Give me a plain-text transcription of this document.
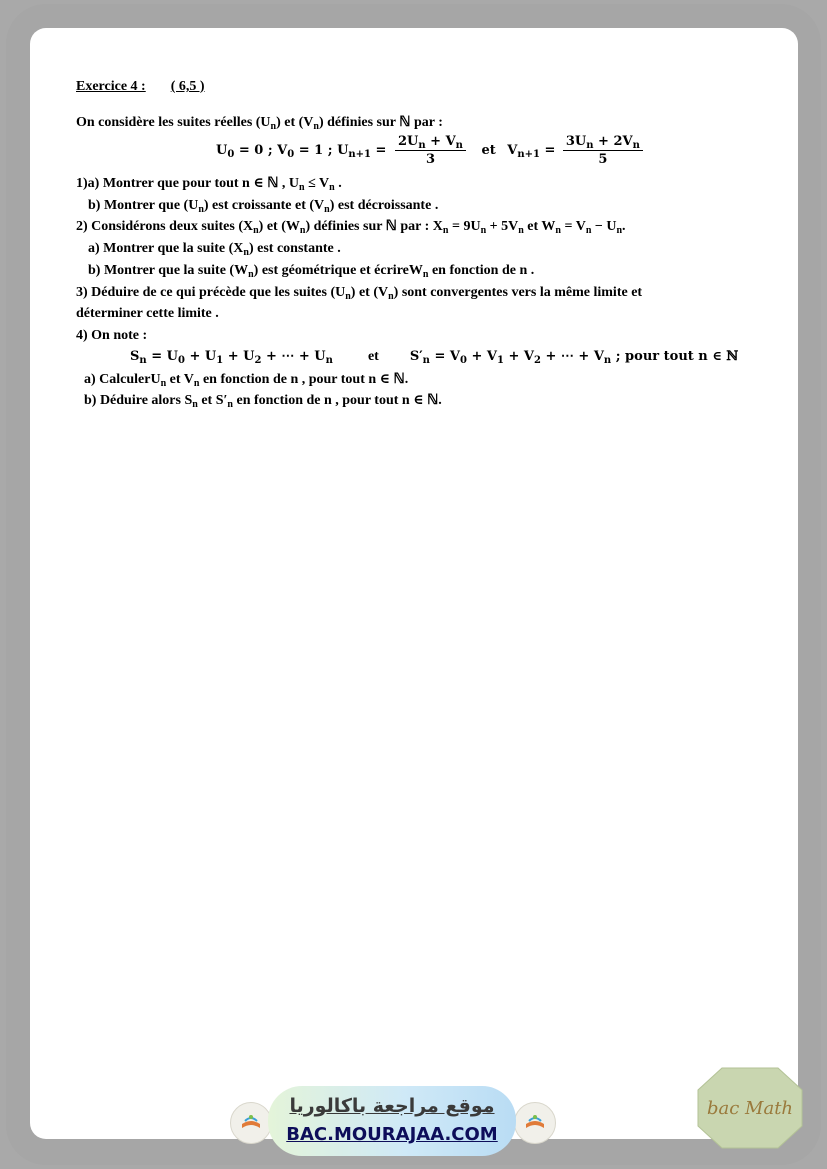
Exercice 4 : ( 6,5 )
On considère les suites réelles $(U_n)$ et $(V_n)$ définies sur ℕ par :
$U_0 = 0$ ; $V_0 = 1$ ; $U_{n+1} = \frac{2U_n + V_n}{3}$ et $V_{n+1} = \frac{3U_n + 2V_n}{5}$
1)a) Montrer que pour tout n ∈ ℕ , $U_n \le V_n$ .
b) Montrer que $(U_n)$ est croissante et $(V_n)$ est décroissante .
2) Considérons deux suites $(X_n)$ et $(W_n)$ définies sur ℕ par : $X_n = 9U_n + 5V_n$ et $W_n = V_n - U_n$.
a) Montrer que la suite $(X_n)$ est constante .
b) Montrer que la suite $(W_n)$ est géométrique et écrireW$_n$ en fonction de n .
3) Déduire de ce qui précède que les suites $(U_n)$ et $(V_n)$ sont convergentes vers la même limite et
déterminer cette limite .
4) On note :
$S_n = U_0 + U_1 + U_2$ + ⋯ + $U_n$	et $S'_n = V_0 + V_1 + V_2$ + ⋯ + $V_n$ ; pour tout n ∈ ℕ
a) CalculerU$_n$ et $V_n$ en fonction de n , pour tout n ∈ ℕ.
b) Déduire alors $S_n$ et $S'_n$ en fonction de n , pour tout n ∈ ℕ.
موقع مراجعة باكالوريا
BAC.MOURAJAA.COM
bac Math
